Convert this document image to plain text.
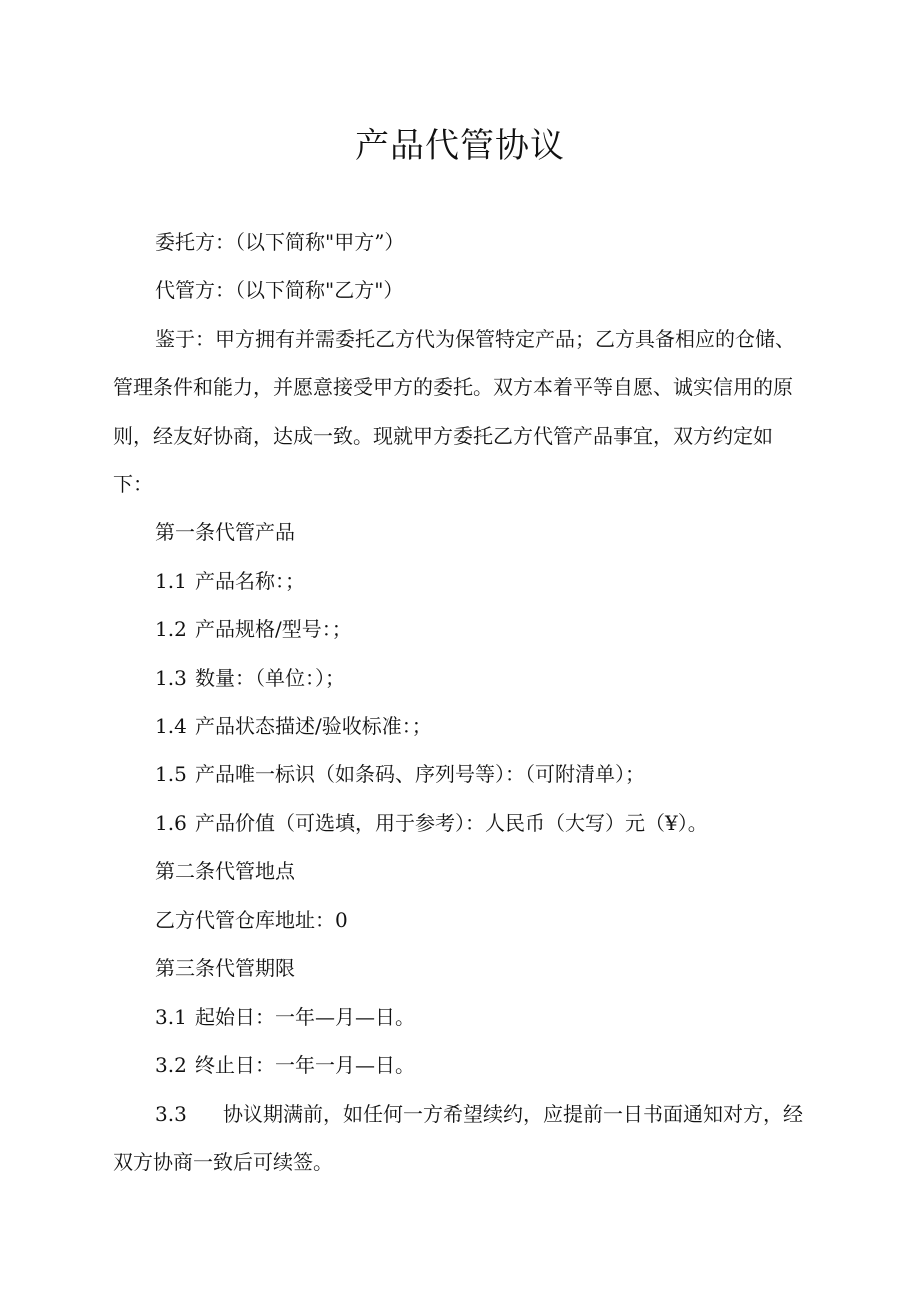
产品代管协议
委托方：（以下简称"甲方”）
代管方：（以下简称"乙方"）
鉴于：甲方拥有并需委托乙方代为保管特定产品；乙方具备相应的仓储、
管理条件和能力，并愿意接受甲方的委托。双方本着平等自愿、诚实信用的原
则，经友好协商，达成一致。现就甲方委托乙方代管产品事宜，双方约定如
下：
第一条代管产品
1.1 产品名称：；
1.2 产品规格/型号：；
1.3 数量：（单位：）；
1.4 产品状态描述/验收标准：；
1.5 产品唯一标识（如条码、序列号等）：（可附清单）；
1.6 产品价值（可选填，用于参考）：人民币（大写）元（¥）。
第二条代管地点
乙方代管仓库地址：0
第三条代管期限
3.1 起始日：一年—月—日。
3.2 终止日：一年一月—日。
3.3 协议期满前，如任何一方希望续约，应提前一日书面通知对方，经
双方协商一致后可续签。
